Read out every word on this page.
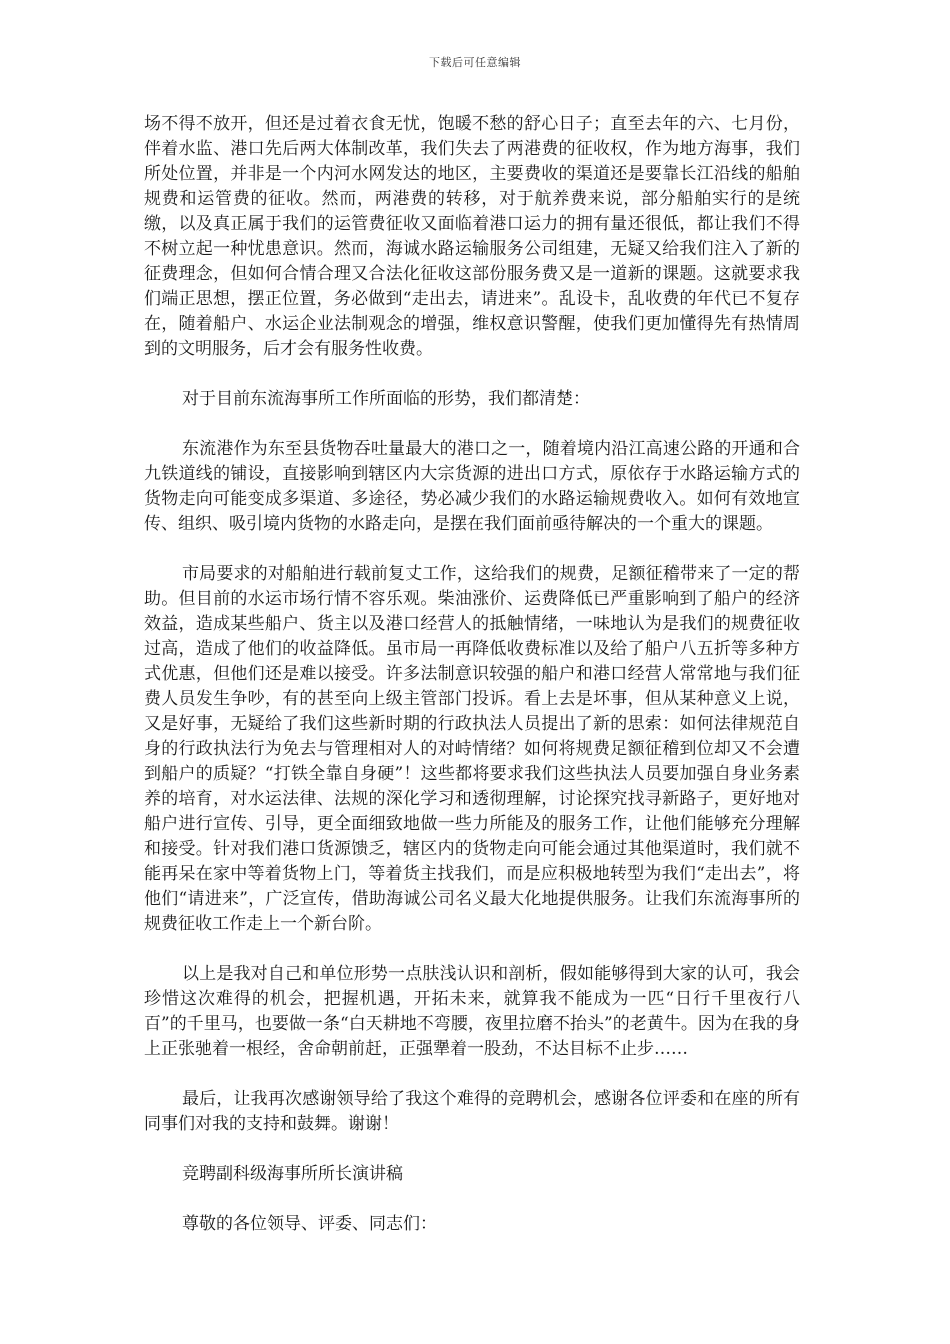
下载后可任意编辑

场不得不放开，但还是过着衣食无忧，饱暖不愁的舒心日子；直至去年的六、七月份，伴着水监、港口先后两大体制改革，我们失去了两港费的征收权，作为地方海事，我们所处位置，并非是一个内河水网发达的地区，主要费收的渠道还是要靠长江沿线的船舶规费和运管费的征收。然而，两港费的转移，对于航养费来说，部分船舶实行的是统缴，以及真正属于我们的运管费征收又面临着港口运力的拥有量还很低，都让我们不得不树立起一种忧患意识。然而，海诚水路运输服务公司组建，无疑又给我们注入了新的征费理念，但如何合情合理又合法化征收这部份服务费又是一道新的课题。这就要求我们端正思想，摆正位置，务必做到“走出去，请进来”。乱设卡，乱收费的年代已不复存在，随着船户、水运企业法制观念的增强，维权意识警醒，使我们更加懂得先有热情周到的文明服务，后才会有服务性收费。

对于目前东流海事所工作所面临的形势，我们都清楚：

东流港作为东至县货物吞吐量最大的港口之一，随着境内沿江高速公路的开通和合九铁道线的铺设，直接影响到辖区内大宗货源的进出口方式，原依存于水路运输方式的货物走向可能变成多渠道、多途径，势必减少我们的水路运输规费收入。如何有效地宣传、组织、吸引境内货物的水路走向，是摆在我们面前亟待解决的一个重大的课题。

市局要求的对船舶进行载前复丈工作，这给我们的规费，足额征稽带来了一定的帮助。但目前的水运市场行情不容乐观。柴油涨价、运费降低已严重影响到了船户的经济效益，造成某些船户、货主以及港口经营人的抵触情绪，一味地认为是我们的规费征收过高，造成了他们的收益降低。虽市局一再降低收费标准以及给了船户八五折等多种方式优惠，但他们还是难以接受。许多法制意识较强的船户和港口经营人常常地与我们征费人员发生争吵，有的甚至向上级主管部门投诉。看上去是坏事，但从某种意义上说，又是好事，无疑给了我们这些新时期的行政执法人员提出了新的思索：如何法律规范自身的行政执法行为免去与管理相对人的对峙情绪？如何将规费足额征稽到位却又不会遭到船户的质疑？“打铁全靠自身硬”！这些都将要求我们这些执法人员要加强自身业务素养的培育，对水运法律、法规的深化学习和透彻理解，讨论探究找寻新路子，更好地对船户进行宣传、引导，更全面细致地做一些力所能及的服务工作，让他们能够充分理解和接受。针对我们港口货源馈乏，辖区内的货物走向可能会通过其他渠道时，我们就不能再呆在家中等着货物上门，等着货主找我们，而是应积极地转型为我们“走出去”，将他们“请进来”，广泛宣传，借助海诚公司名义最大化地提供服务。让我们东流海事所的规费征收工作走上一个新台阶。

以上是我对自己和单位形势一点肤浅认识和剖析，假如能够得到大家的认可，我会珍惜这次难得的机会，把握机遇，开拓未来，就算我不能成为一匹“日行千里夜行八百”的千里马，也要做一条“白天耕地不弯腰，夜里拉磨不抬头”的老黄牛。因为在我的身上正张驰着一根经，舍命朝前赶，正强犟着一股劲，不达目标不止步……

最后，让我再次感谢领导给了我这个难得的竞聘机会，感谢各位评委和在座的所有同事们对我的支持和鼓舞。谢谢！

竞聘副科级海事所所长演讲稿

尊敬的各位领导、评委、同志们：
